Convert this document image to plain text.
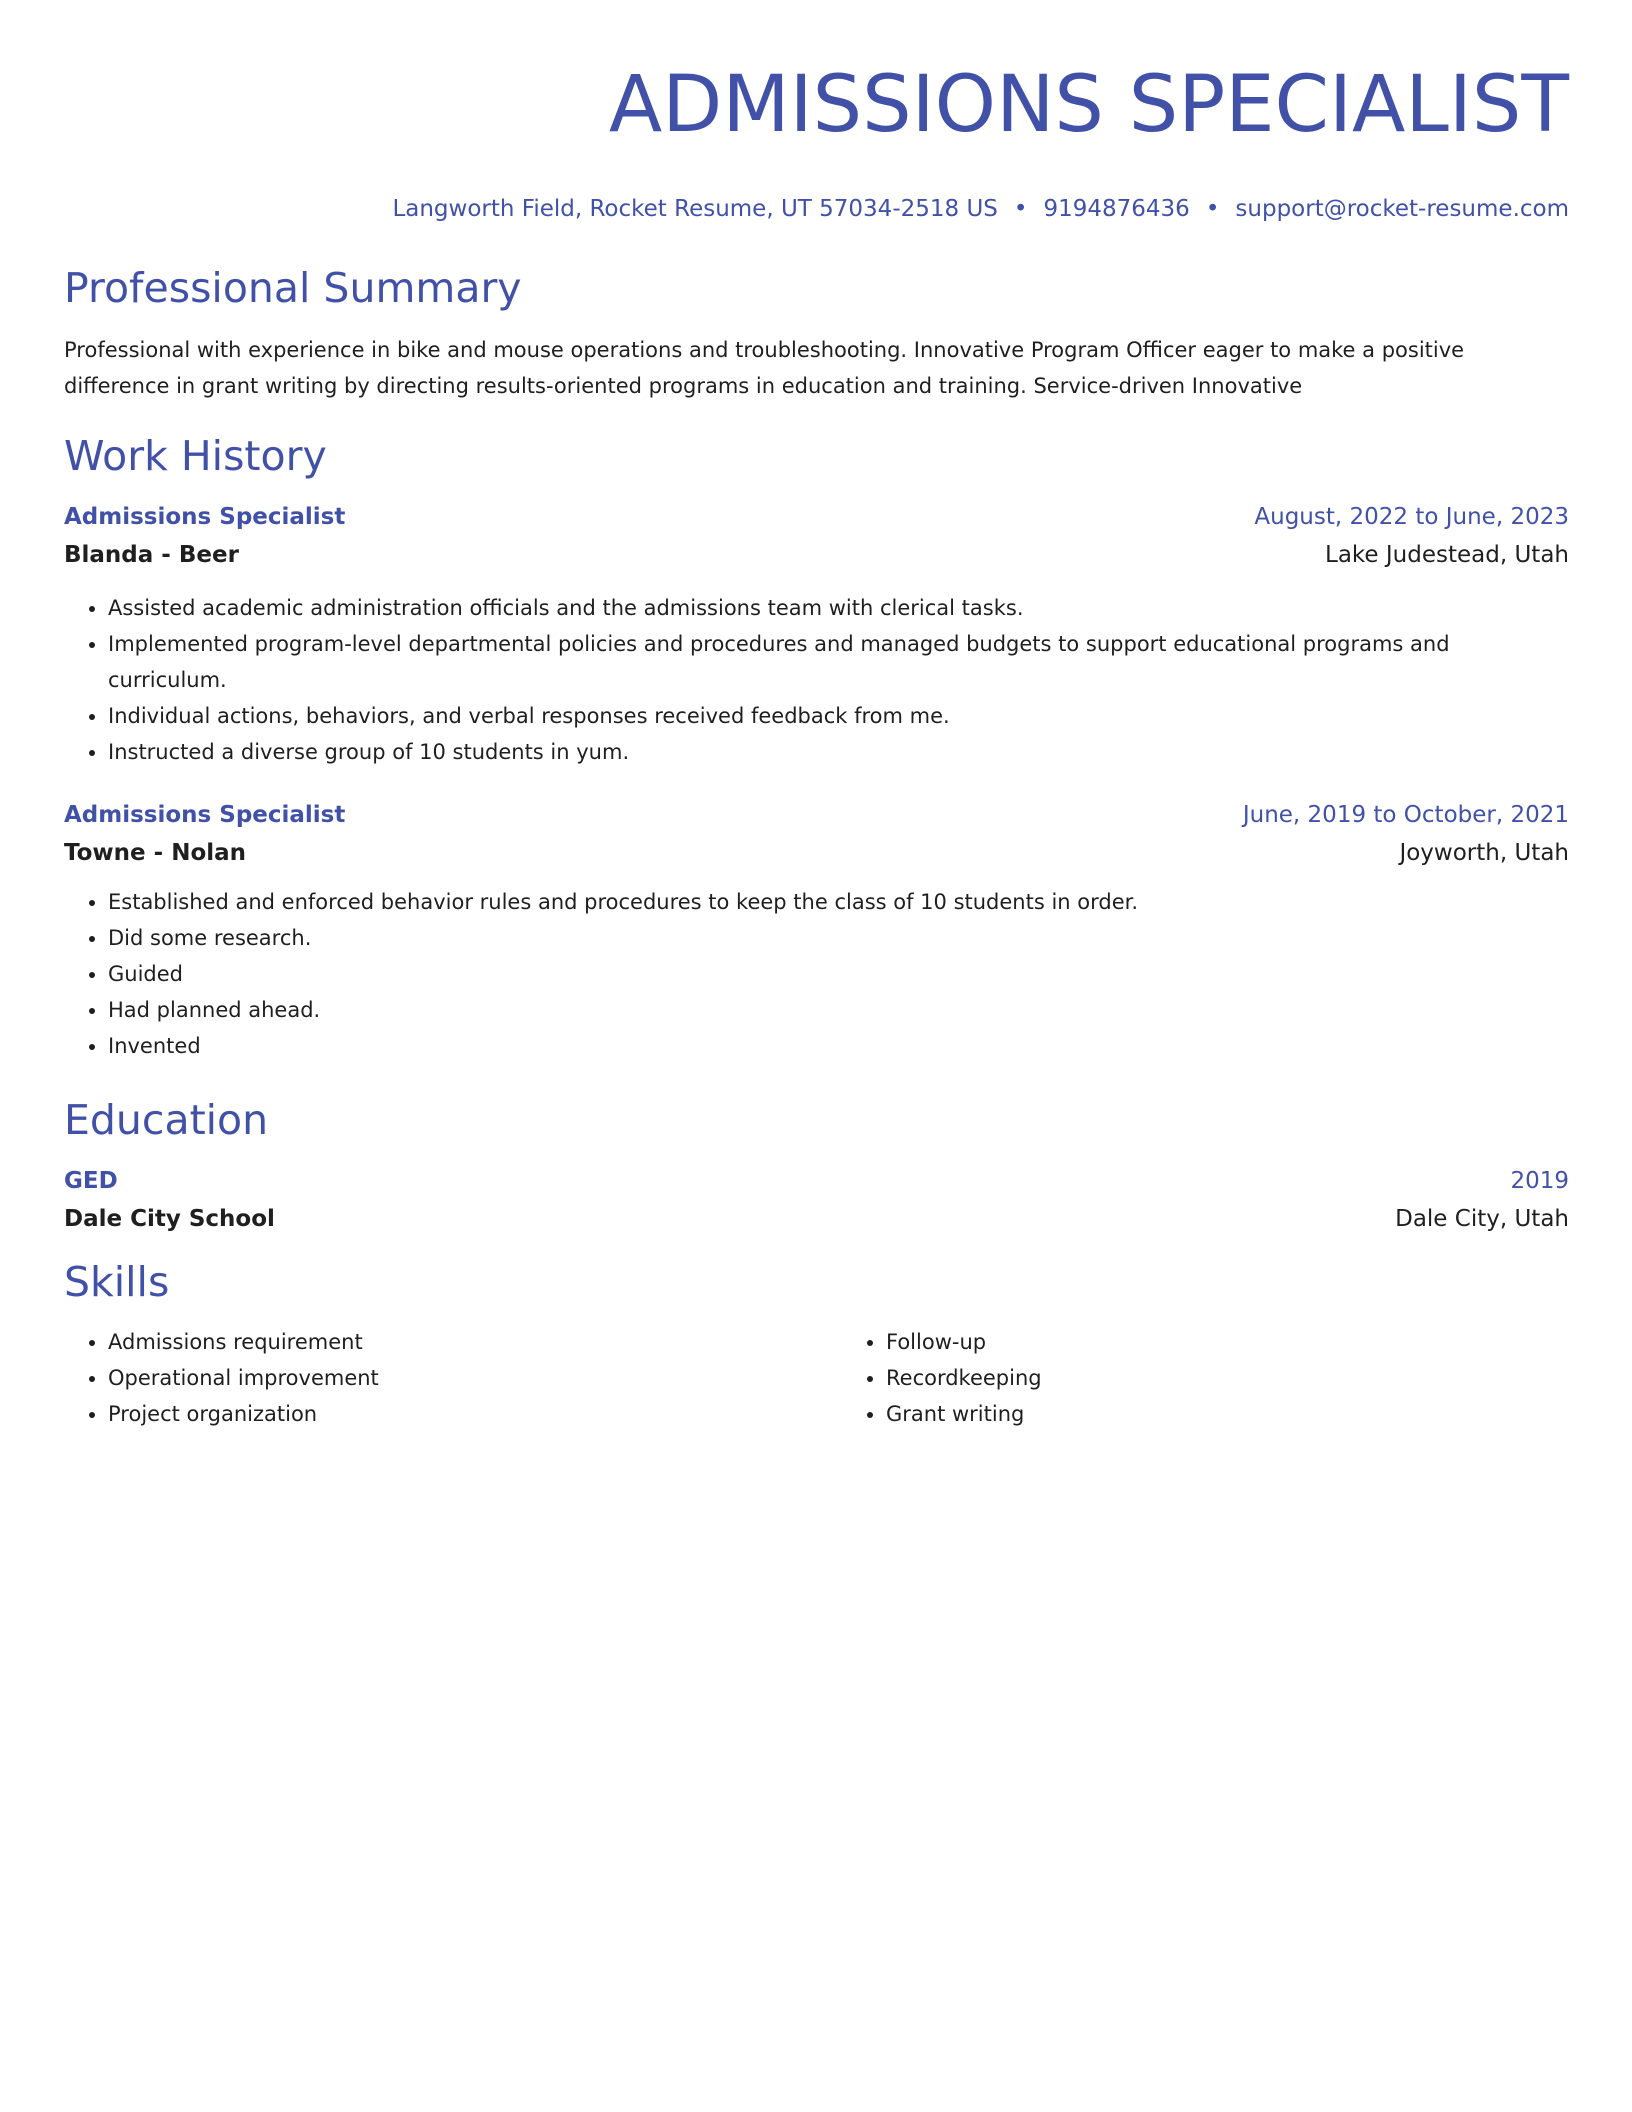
ADMISSIONS SPECIALIST
Langworth Field, Rocket Resume, UT 57034-2518 US • 9194876436 • support@rocket-resume.com
Professional Summary
Professional with experience in bike and mouse operations and troubleshooting. Innovative Program Officer eager to make a positive difference in grant writing by directing results-oriented programs in education and training. Service-driven Innovative
Work History
Admissions Specialist	August, 2022 to June, 2023
Blanda - Beer	Lake Judestead, Utah
• Assisted academic administration officials and the admissions team with clerical tasks.
• Implemented program-level departmental policies and procedures and managed budgets to support educational programs and curriculum.
• Individual actions, behaviors, and verbal responses received feedback from me.
• Instructed a diverse group of 10 students in yum.
Admissions Specialist	June, 2019 to October, 2021
Towne - Nolan	Joyworth, Utah
• Established and enforced behavior rules and procedures to keep the class of 10 students in order.
• Did some research.
• Guided
• Had planned ahead.
• Invented
Education
GED	2019
Dale City School	Dale City, Utah
Skills
• Admissions requirement
• Operational improvement
• Project organization
• Follow-up
• Recordkeeping
• Grant writing
